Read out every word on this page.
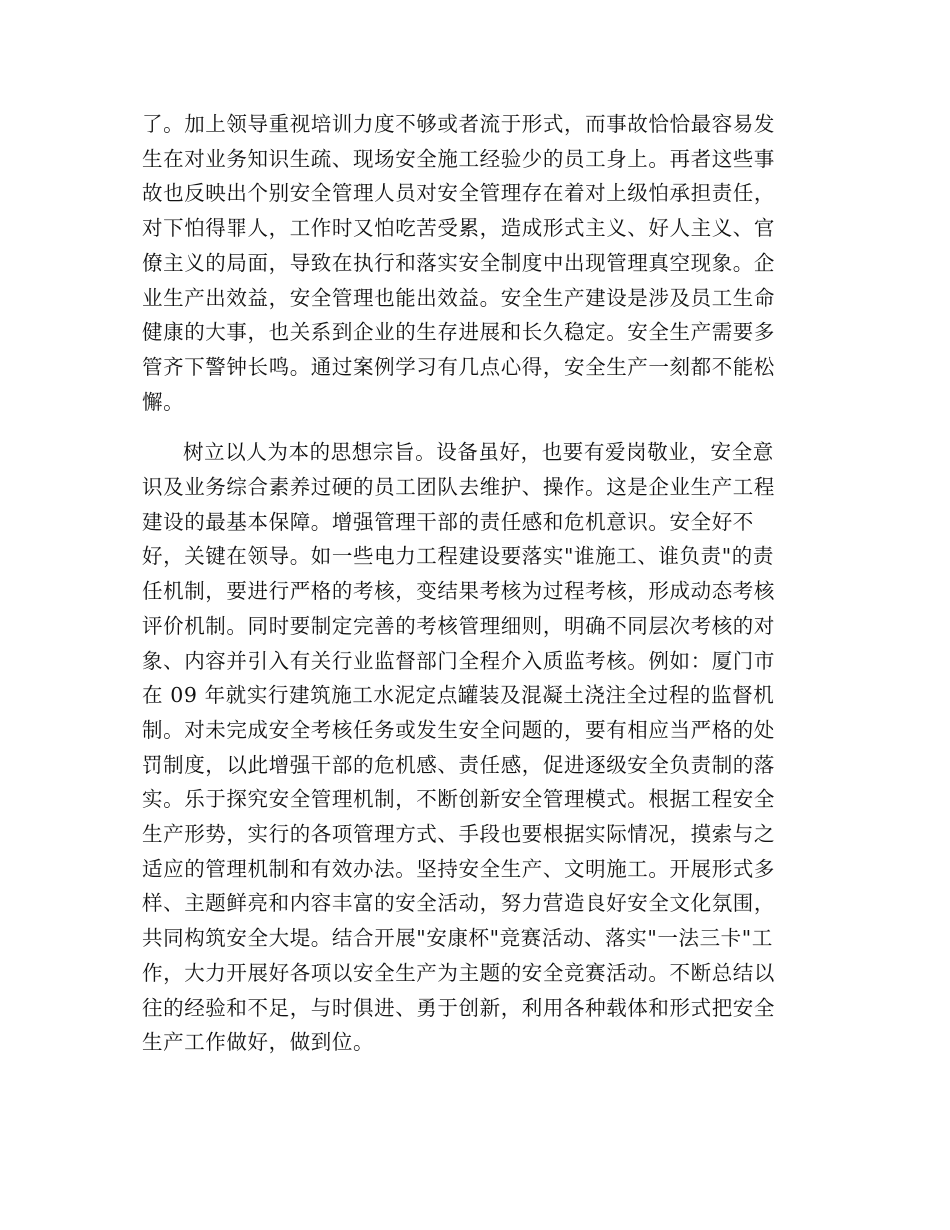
了。加上领导重视培训力度不够或者流于形式，而事故恰恰最容易发
生在对业务知识生疏、现场安全施工经验少的员工身上。再者这些事
故也反映出个别安全管理人员对安全管理存在着对上级怕承担责任，
对下怕得罪人，工作时又怕吃苦受累，造成形式主义、好人主义、官
僚主义的局面，导致在执行和落实安全制度中出现管理真空现象。企
业生产出效益，安全管理也能出效益。安全生产建设是涉及员工生命
健康的大事，也关系到企业的生存进展和长久稳定。安全生产需要多
管齐下警钟长鸣。通过案例学习有几点心得，安全生产一刻都不能松
懈。

树立以人为本的思想宗旨。设备虽好，也要有爱岗敬业，安全意
识及业务综合素养过硬的员工团队去维护、操作。这是企业生产工程
建设的最基本保障。增强管理干部的责任感和危机意识。安全好不
好，关键在领导。如一些电力工程建设要落实"谁施工、谁负责"的责
任机制，要进行严格的考核，变结果考核为过程考核，形成动态考核
评价机制。同时要制定完善的考核管理细则，明确不同层次考核的对
象、内容并引入有关行业监督部门全程介入质监考核。例如：厦门市
在 09 年就实行建筑施工水泥定点罐装及混凝土浇注全过程的监督机
制。对未完成安全考核任务或发生安全问题的，要有相应当严格的处
罚制度，以此增强干部的危机感、责任感，促进逐级安全负责制的落
实。乐于探究安全管理机制，不断创新安全管理模式。根据工程安全
生产形势，实行的各项管理方式、手段也要根据实际情况，摸索与之
适应的管理机制和有效办法。坚持安全生产、文明施工。开展形式多
样、主题鲜亮和内容丰富的安全活动，努力营造良好安全文化氛围，
共同构筑安全大堤。结合开展"安康杯"竞赛活动、落实"一法三卡"工
作，大力开展好各项以安全生产为主题的安全竞赛活动。不断总结以
往的经验和不足，与时俱进、勇于创新，利用各种载体和形式把安全
生产工作做好，做到位。
